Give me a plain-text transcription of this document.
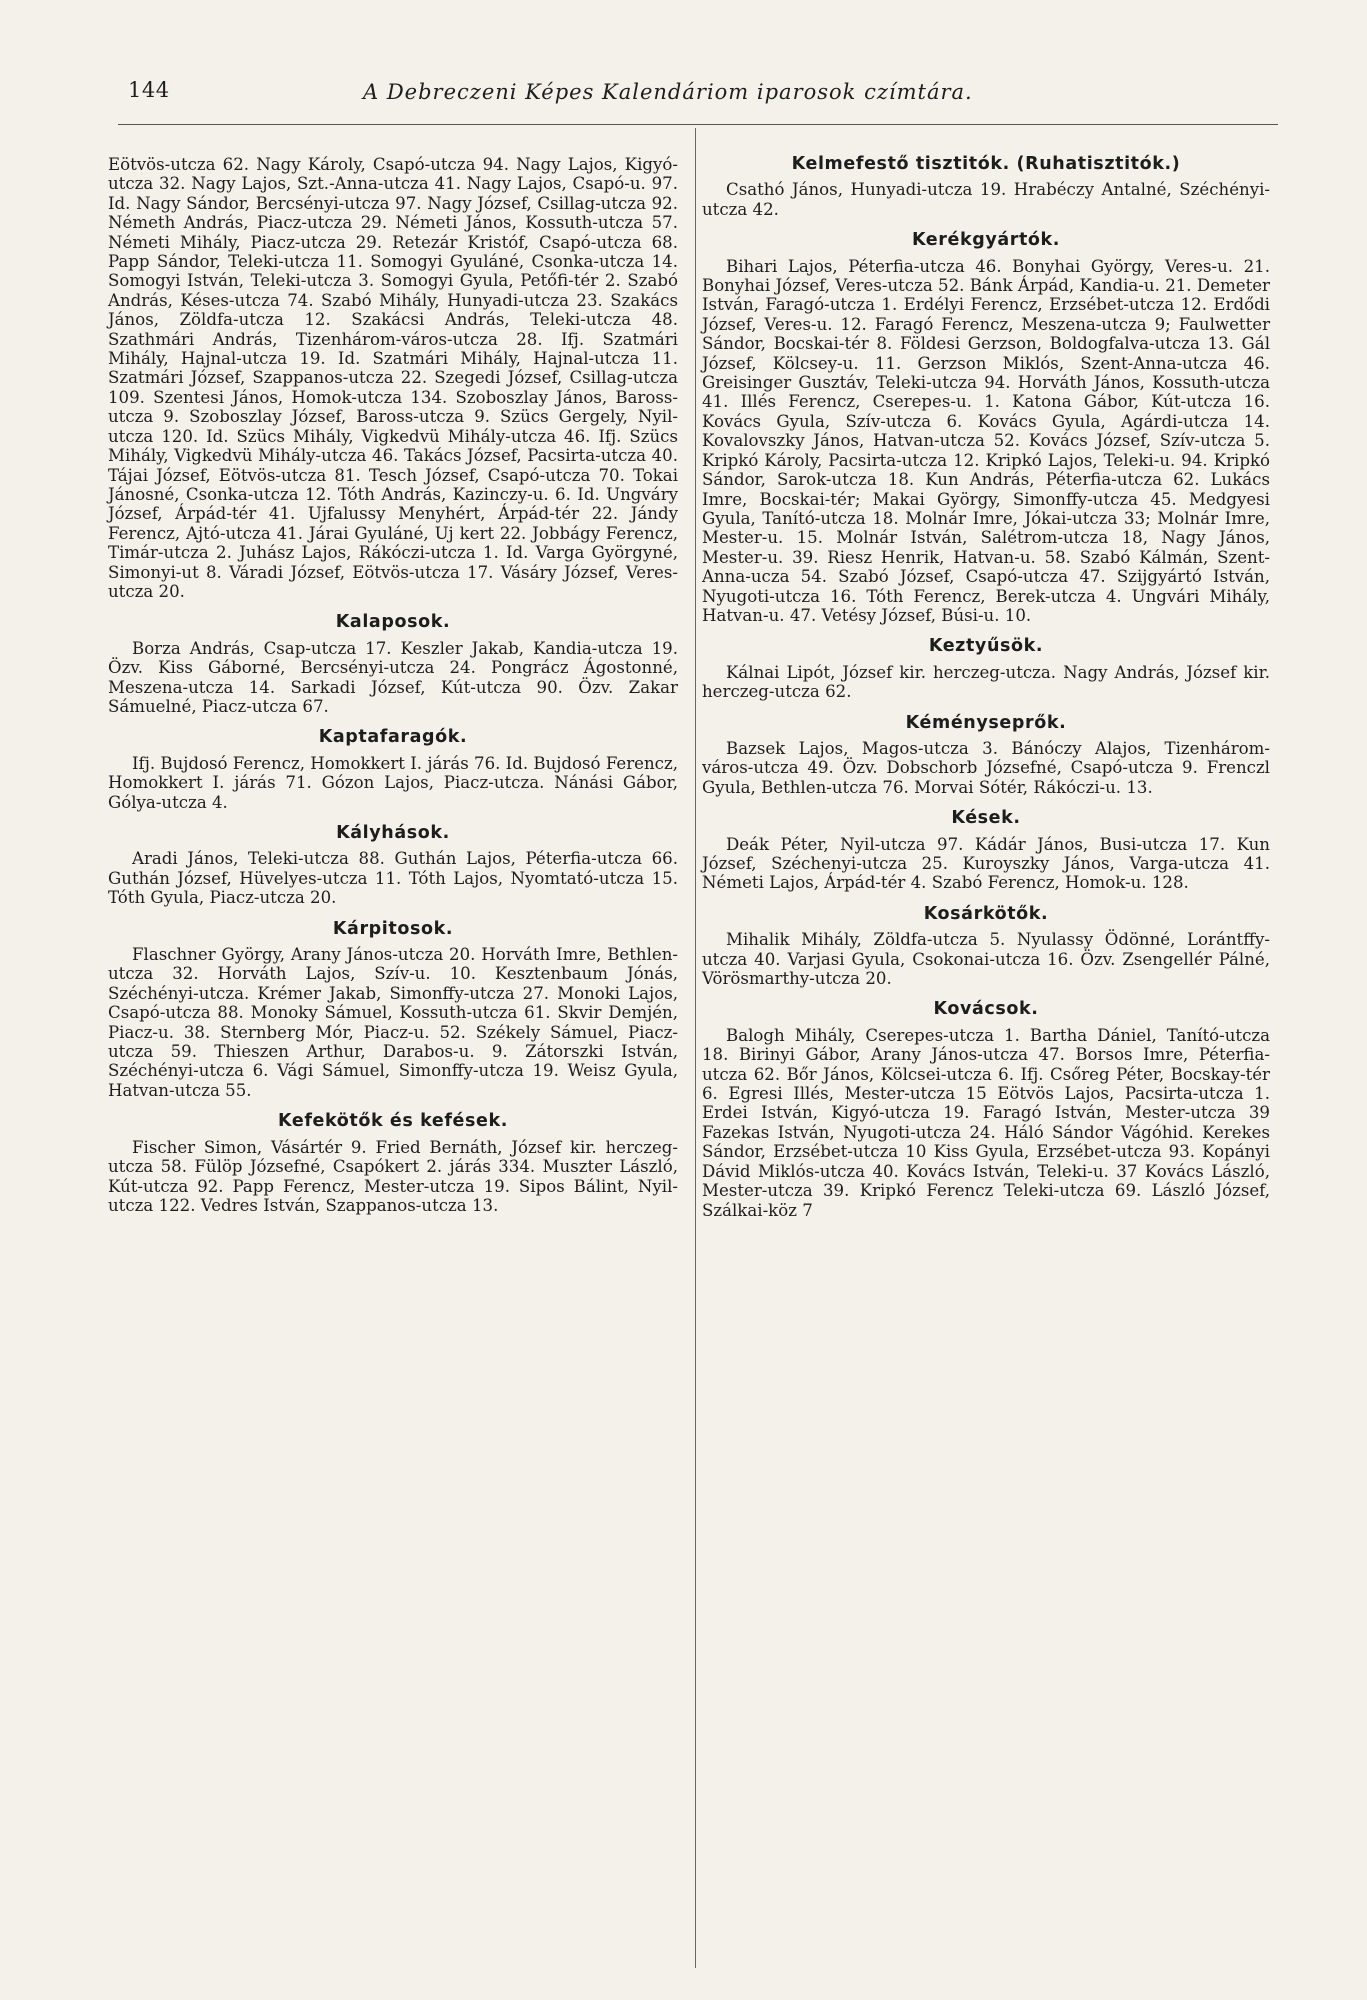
144	A Debreczeni Képes Kalendáriom iparosok czímtára.

Eötvös-utcza 62. Nagy Károly, Csapó-utcza 94. Nagy Lajos, Kigyó-utcza 32. Nagy Lajos, Szt.-Anna-utcza 41. Nagy Lajos, Csapó-u. 97. Id. Nagy Sándor, Bercsényi-utcza 97. Nagy József, Csillag-utcza 92. Németh András, Piacz-utcza 29. Németi János, Kossuth-utcza 57. Németi Mihály, Piacz-utcza 29. Retezár Kristóf, Csapó-utcza 68. Papp Sándor, Teleki-utcza 11. Somogyi Gyuláné, Csonka-utcza 14. Somogyi István, Teleki-utcza 3. Somogyi Gyula, Petőfi-tér 2. Szabó András, Késes-utcza 74. Szabó Mihály, Hunyadi-utcza 23. Szakács János, Zöldfa-utcza 12. Szakácsi András, Teleki-utcza 48. Szathmári András, Tizenhárom-város-utcza 28. Ifj. Szatmári Mihály, Hajnal-utcza 19. Id. Szatmári Mihály, Hajnal-utcza 11. Szatmári József, Szappanos-utcza 22. Szegedi József, Csillag-utcza 109. Szentesi János, Homok-utcza 134. Szoboszlay János, Baross-utcza 9. Szoboszlay József, Baross-utcza 9. Szücs Gergely, Nyil-utcza 120. Id. Szücs Mihály, Vigkedvü Mihály-utcza 46. Ifj. Szücs Mihály, Vigkedvü Mihály-utcza 46. Takács József, Pacsirta-utcza 40. Tájai József, Eötvös-utcza 81. Tesch József, Csapó-utcza 70. Tokai Jánosné, Csonka-utcza 12. Tóth András, Kazinczy-u. 6. Id. Ungváry József, Árpád-tér 41. Ujfalussy Menyhért, Árpád-tér 22. Jándy Ferencz, Ajtó-utcza 41. Járai Gyuláné, Uj kert 22. Jobbágy Ferencz, Timár-utcza 2. Juhász Lajos, Rákóczi-utcza 1. Id. Varga Györgyné, Simonyi-ut 8. Váradi József, Eötvös-utcza 17. Vásáry József, Veres-utcza 20.

Kalaposok.

Borza András, Csap-utcza 17. Keszler Jakab, Kandia-utcza 19. Özv. Kiss Gáborné, Bercsényi-utcza 24. Pongrácz Ágostonné, Meszena-utcza 14. Sarkadi József, Kút-utcza 90. Özv. Zakar Sámuelné, Piacz-utcza 67.

Kaptafaragók.

Ifj. Bujdosó Ferencz, Homokkert I. járás 76. Id. Bujdosó Ferencz, Homokkert I. járás 71. Gózon Lajos, Piacz-utcza. Nánási Gábor, Gólya-utcza 4.

Kályhások.

Aradi János, Teleki-utcza 88. Guthán Lajos, Péterfia-utcza 66. Guthán József, Hüvelyes-utcza 11. Tóth Lajos, Nyomtató-utcza 15. Tóth Gyula, Piacz-utcza 20.

Kárpitosok.

Flaschner György, Arany János-utcza 20. Horváth Imre, Bethlen-utcza 32. Horváth Lajos, Szív-u. 10. Kesztenbaum Jónás, Széchényi-utcza. Krémer Jakab, Simonffy-utcza 27. Monoki Lajos, Csapó-utcza 88. Monoky Sámuel, Kossuth-utcza 61. Skvir Demjén, Piacz-u. 38. Sternberg Mór, Piacz-u. 52. Székely Sámuel, Piacz-utcza 59. Thieszen Arthur, Darabos-u. 9. Zátorszki István, Széchényi-utcza 6. Vági Sámuel, Simonffy-utcza 19. Weisz Gyula, Hatvan-utcza 55.

Kefekötők és kefések.

Fischer Simon, Vásártér 9. Fried Bernáth, József kir. herczeg-utcza 58. Fülöp Józsefné, Csapókert 2. járás 334. Muszter László, Kút-utcza 92. Papp Ferencz, Mester-utcza 19. Sipos Bálint, Nyil-utcza 122. Vedres István, Szappanos-utcza 13.

Kelmefestő tisztitók. (Ruhatisztitók.)

Csathó János, Hunyadi-utcza 19. Hrabéczy Antalné, Széchényi-utcza 42.

Kerékgyártók.

Bihari Lajos, Péterfia-utcza 46. Bonyhai György, Veres-u. 21. Bonyhai József, Veres-utcza 52. Bánk Árpád, Kandia-u. 21. Demeter István, Faragó-utcza 1. Erdélyi Ferencz, Erzsébet-utcza 12. Erdődi József, Veres-u. 12. Faragó Ferencz, Meszena-utcza 9; Faulwetter Sándor, Bocskai-tér 8. Földesi Gerzson, Boldogfalva-utcza 13. Gál József, Kölcsey-u. 11. Gerzson Miklós, Szent-Anna-utcza 46. Greisinger Gusztáv, Teleki-utcza 94. Horváth János, Kossuth-utcza 41. Illés Ferencz, Cserepes-u. 1. Katona Gábor, Kút-utcza 16. Kovács Gyula, Szív-utcza 6. Kovács Gyula, Agárdi-utcza 14. Kovalovszky János, Hatvan-utcza 52. Kovács József, Szív-utcza 5. Kripkó Károly, Pacsirta-utcza 12. Kripkó Lajos, Teleki-u. 94. Kripkó Sándor, Sarok-utcza 18. Kun András, Péterfia-utcza 62. Lukács Imre, Bocskai-tér; Makai György, Simonffy-utcza 45. Medgyesi Gyula, Tanító-utcza 18. Molnár Imre, Jókai-utcza 33; Molnár Imre, Mester-u. 15. Molnár István, Salétrom-utcza 18, Nagy János, Mester-u. 39. Riesz Henrik, Hatvan-u. 58. Szabó Kálmán, Szent-Anna-ucza 54. Szabó József, Csapó-utcza 47. Szijgyártó István, Nyugoti-utcza 16. Tóth Ferencz, Berek-utcza 4. Ungvári Mihály, Hatvan-u. 47. Vetésy József, Búsi-u. 10.

Keztyűsök.

Kálnai Lipót, József kir. herczeg-utcza. Nagy András, József kir. herczeg-utcza 62.

Kéményseprők.

Bazsek Lajos, Magos-utcza 3. Bánóczy Alajos, Tizenhárom-város-utcza 49. Özv. Dobschorb Józsefné, Csapó-utcza 9. Frenczl Gyula, Bethlen-utcza 76. Morvai Sótér, Rákóczi-u. 13.

Kések.

Deák Péter, Nyil-utcza 97. Kádár János, Busi-utcza 17. Kun József, Széchenyi-utcza 25. Kuroyszky János, Varga-utcza 41. Németi Lajos, Árpád-tér 4. Szabó Ferencz, Homok-u. 128.

Kosárkötők.

Mihalik Mihály, Zöldfa-utcza 5. Nyulassy Ödönné, Lorántffy-utcza 40. Varjasi Gyula, Csokonai-utcza 16. Özv. Zsengellér Pálné, Vörösmarthy-utcza 20.

Kovácsok.

Balogh Mihály, Cserepes-utcza 1. Bartha Dániel, Tanító-utcza 18. Birinyi Gábor, Arany János-utcza 47. Borsos Imre, Péterfia-utcza 62. Bőr János, Kölcsei-utcza 6. Ifj. Csőreg Péter, Bocskay-tér 6. Egresi Illés, Mester-utcza 15 Eötvös Lajos, Pacsirta-utcza 1. Erdei István, Kigyó-utcza 19. Faragó István, Mester-utcza 39 Fazekas István, Nyugoti-utcza 24. Háló Sándor Vágóhid. Kerekes Sándor, Erzsébet-utcza 10 Kiss Gyula, Erzsébet-utcza 93. Kopányi Dávid Miklós-utcza 40. Kovács István, Teleki-u. 37 Kovács László, Mester-utcza 39. Kripkó Ferencz Teleki-utcza 69. László József, Szálkai-köz 7
